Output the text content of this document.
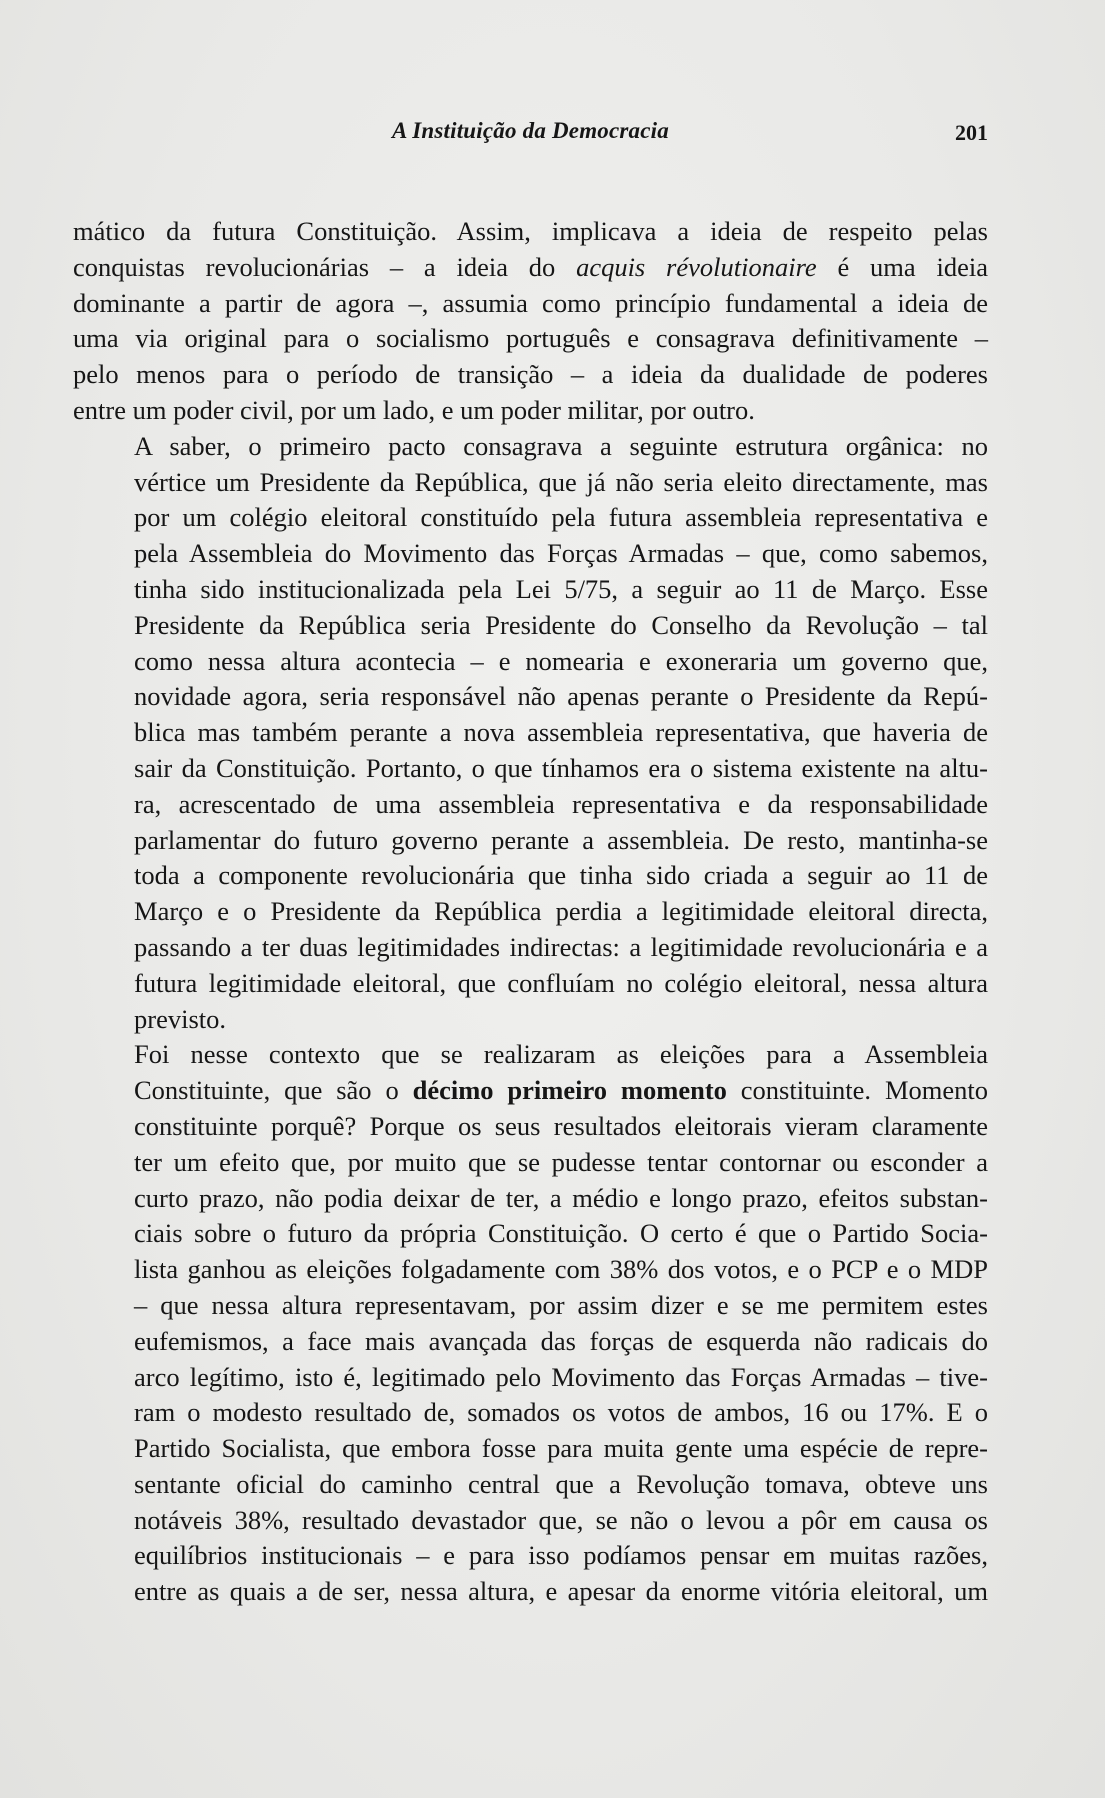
A Instituição da Democracia	201

mático da futura Constituição. Assim, implicava a ideia de respeito pelas
conquistas revolucionárias – a ideia do acquis révolutionaire é uma ideia
dominante a partir de agora –, assumia como princípio fundamental a ideia de
uma via original para o socialismo português e consagrava definitivamente –
pelo menos para o período de transição – a ideia da dualidade de poderes
entre um poder civil, por um lado, e um poder militar, por outro.

A saber, o primeiro pacto consagrava a seguinte estrutura orgânica: no
vértice um Presidente da República, que já não seria eleito directamente, mas
por um colégio eleitoral constituído pela futura assembleia representativa e
pela Assembleia do Movimento das Forças Armadas – que, como sabemos,
tinha sido institucionalizada pela Lei 5/75, a seguir ao 11 de Março. Esse
Presidente da República seria Presidente do Conselho da Revolução – tal
como nessa altura acontecia – e nomearia e exoneraria um governo que,
novidade agora, seria responsável não apenas perante o Presidente da Repú-
blica mas também perante a nova assembleia representativa, que haveria de
sair da Constituição. Portanto, o que tínhamos era o sistema existente na altu-
ra, acrescentado de uma assembleia representativa e da responsabilidade
parlamentar do futuro governo perante a assembleia. De resto, mantinha-se
toda a componente revolucionária que tinha sido criada a seguir ao 11 de
Março e o Presidente da República perdia a legitimidade eleitoral directa,
passando a ter duas legitimidades indirectas: a legitimidade revolucionária e a
futura legitimidade eleitoral, que confluíam no colégio eleitoral, nessa altura
previsto.

Foi nesse contexto que se realizaram as eleições para a Assembleia
Constituinte, que são o décimo primeiro momento constituinte. Momento
constituinte porquê? Porque os seus resultados eleitorais vieram claramente
ter um efeito que, por muito que se pudesse tentar contornar ou esconder a
curto prazo, não podia deixar de ter, a médio e longo prazo, efeitos substan-
ciais sobre o futuro da própria Constituição. O certo é que o Partido Socia-
lista ganhou as eleições folgadamente com 38% dos votos, e o PCP e o MDP
– que nessa altura representavam, por assim dizer e se me permitem estes
eufemismos, a face mais avançada das forças de esquerda não radicais do
arco legítimo, isto é, legitimado pelo Movimento das Forças Armadas – tive-
ram o modesto resultado de, somados os votos de ambos, 16 ou 17%. E o
Partido Socialista, que embora fosse para muita gente uma espécie de repre-
sentante oficial do caminho central que a Revolução tomava, obteve uns
notáveis 38%, resultado devastador que, se não o levou a pôr em causa os
equilíbrios institucionais – e para isso podíamos pensar em muitas razões,
entre as quais a de ser, nessa altura, e apesar da enorme vitória eleitoral, um
